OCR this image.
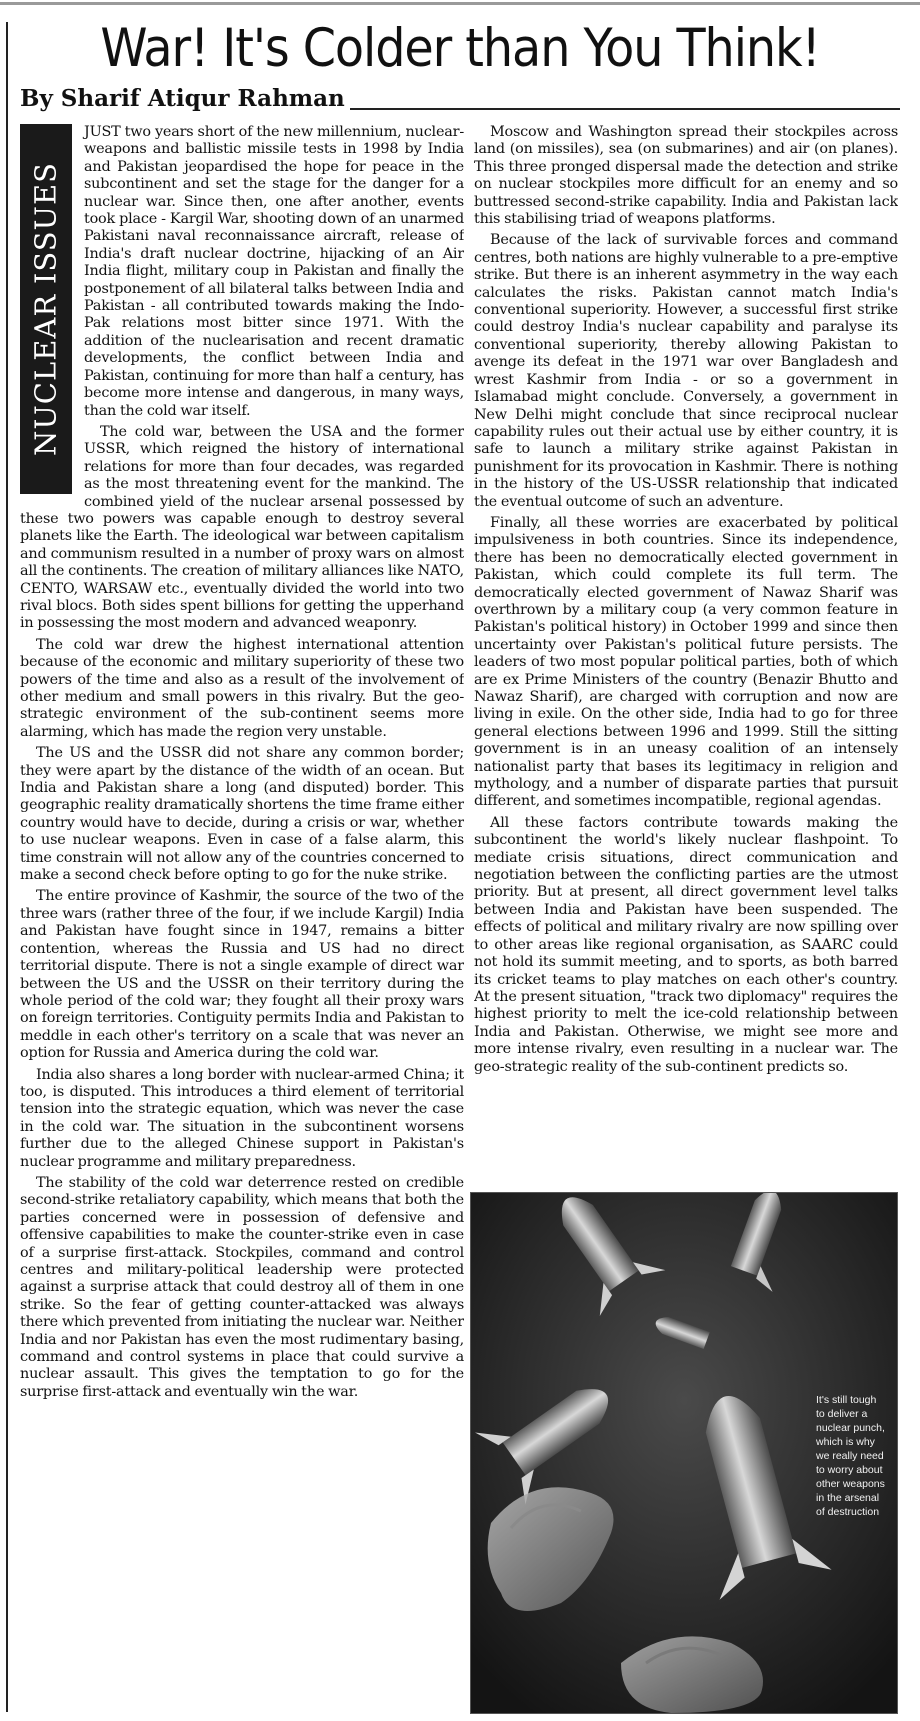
War! It's Colder than You Think!
By Sharif Atiqur Rahman
NUCLEAR ISSUES

JUST two years short of the new millennium, nuclear-weapons and ballistic missile tests in 1998 by India and Pakistan jeopardised the hope for peace in the subcontinent and set the stage for the danger for a nuclear war. Since then, one after another, events took place - Kargil War, shooting down of an unarmed Pakistani naval reconnaissance aircraft, release of India's draft nuclear doctrine, hijacking of an Air India flight, military coup in Pakistan and finally the postponement of all bilateral talks between India and Pakistan - all contributed towards making the Indo-Pak relations most bitter since 1971. With the addition of the nuclearisation and recent dramatic developments, the conflict between India and Pakistan, continuing for more than half a century, has become more intense and dangerous, in many ways, than the cold war itself.

The cold war, between the USA and the former USSR, which reigned the history of international relations for more than four decades, was regarded as the most threatening event for the mankind. The combined yield of the nuclear arsenal possessed by these two powers was capable enough to destroy several planets like the Earth. The ideological war between capitalism and communism resulted in a number of proxy wars on almost all the continents. The creation of military alliances like NATO, CENTO, WARSAW etc., eventually divided the world into two rival blocs. Both sides spent billions for getting the upperhand in possessing the most modern and advanced weaponry.

The cold war drew the highest international attention because of the economic and military superiority of these two powers of the time and also as a result of the involvement of other medium and small powers in this rivalry. But the geo-strategic environment of the sub-continent seems more alarming, which has made the region very unstable.

The US and the USSR did not share any common border; they were apart by the distance of the width of an ocean. But India and Pakistan share a long (and disputed) border. This geographic reality dramatically shortens the time frame either country would have to decide, during a crisis or war, whether to use nuclear weapons. Even in case of a false alarm, this time constrain will not allow any of the countries concerned to make a second check before opting to go for the nuke strike.

The entire province of Kashmir, the source of the two of the three wars (rather three of the four, if we include Kargil) India and Pakistan have fought since in 1947, remains a bitter contention, whereas the Russia and US had no direct territorial dispute. There is not a single example of direct war between the US and the USSR on their territory during the whole period of the cold war; they fought all their proxy wars on foreign territories. Contiguity permits India and Pakistan to meddle in each other's territory on a scale that was never an option for Russia and America during the cold war.

India also shares a long border with nuclear-armed China; it too, is disputed. This introduces a third element of territorial tension into the strategic equation, which was never the case in the cold war. The situation in the subcontinent worsens further due to the alleged Chinese support in Pakistan's nuclear programme and military preparedness.

The stability of the cold war deterrence rested on credible second-strike retaliatory capability, which means that both the parties concerned were in possession of defensive and offensive capabilities to make the counter-strike even in case of a surprise first-attack. Stockpiles, command and control centres and military-political leadership were protected against a surprise attack that could destroy all of them in one strike. So the fear of getting counter-attacked was always there which prevented from initiating the nuclear war. Neither India and nor Pakistan has even the most rudimentary basing, command and control systems in place that could survive a nuclear assault. This gives the temptation to go for the surprise first-attack and eventually win the war.

Moscow and Washington spread their stockpiles across land (on missiles), sea (on submarines) and air (on planes). This three pronged dispersal made the detection and strike on nuclear stockpiles more difficult for an enemy and so buttressed second-strike capability. India and Pakistan lack this stabilising triad of weapons platforms.

Because of the lack of survivable forces and command centres, both nations are highly vulnerable to a pre-emptive strike. But there is an inherent asymmetry in the way each calculates the risks. Pakistan cannot match India's conventional superiority. However, a successful first strike could destroy India's nuclear capability and paralyse its conventional superiority, thereby allowing Pakistan to avenge its defeat in the 1971 war over Bangladesh and wrest Kashmir from India - or so a government in Islamabad might conclude. Conversely, a government in New Delhi might conclude that since reciprocal nuclear capability rules out their actual use by either country, it is safe to launch a military strike against Pakistan in punishment for its provocation in Kashmir. There is nothing in the history of the US-USSR relationship that indicated the eventual outcome of such an adventure.

Finally, all these worries are exacerbated by political impulsiveness in both countries. Since its independence, there has been no democratically elected government in Pakistan, which could complete its full term. The democratically elected government of Nawaz Sharif was overthrown by a military coup (a very common feature in Pakistan's political history) in October 1999 and since then uncertainty over Pakistan's political future persists. The leaders of two most popular political parties, both of which are ex Prime Ministers of the country (Benazir Bhutto and Nawaz Sharif), are charged with corruption and now are living in exile. On the other side, India had to go for three general elections between 1996 and 1999. Still the sitting government is in an uneasy coalition of an intensely nationalist party that bases its legitimacy in religion and mythology, and a number of disparate parties that pursuit different, and sometimes incompatible, regional agendas.

All these factors contribute towards making the subcontinent the world's likely nuclear flashpoint. To mediate crisis situations, direct communication and negotiation between the conflicting parties are the utmost priority. But at present, all direct government level talks between India and Pakistan have been suspended. The effects of political and military rivalry are now spilling over to other areas like regional organisation, as SAARC could not hold its summit meeting, and to sports, as both barred its cricket teams to play matches on each other's country. At the present situation, "track two diplomacy" requires the highest priority to melt the ice-cold relationship between India and Pakistan. Otherwise, we might see more and more intense rivalry, even resulting in a nuclear war. The geo-strategic reality of the sub-continent predicts so.

It's still tough to deliver a nuclear punch, which is why we really need to worry about other weapons in the arsenal of destruction
